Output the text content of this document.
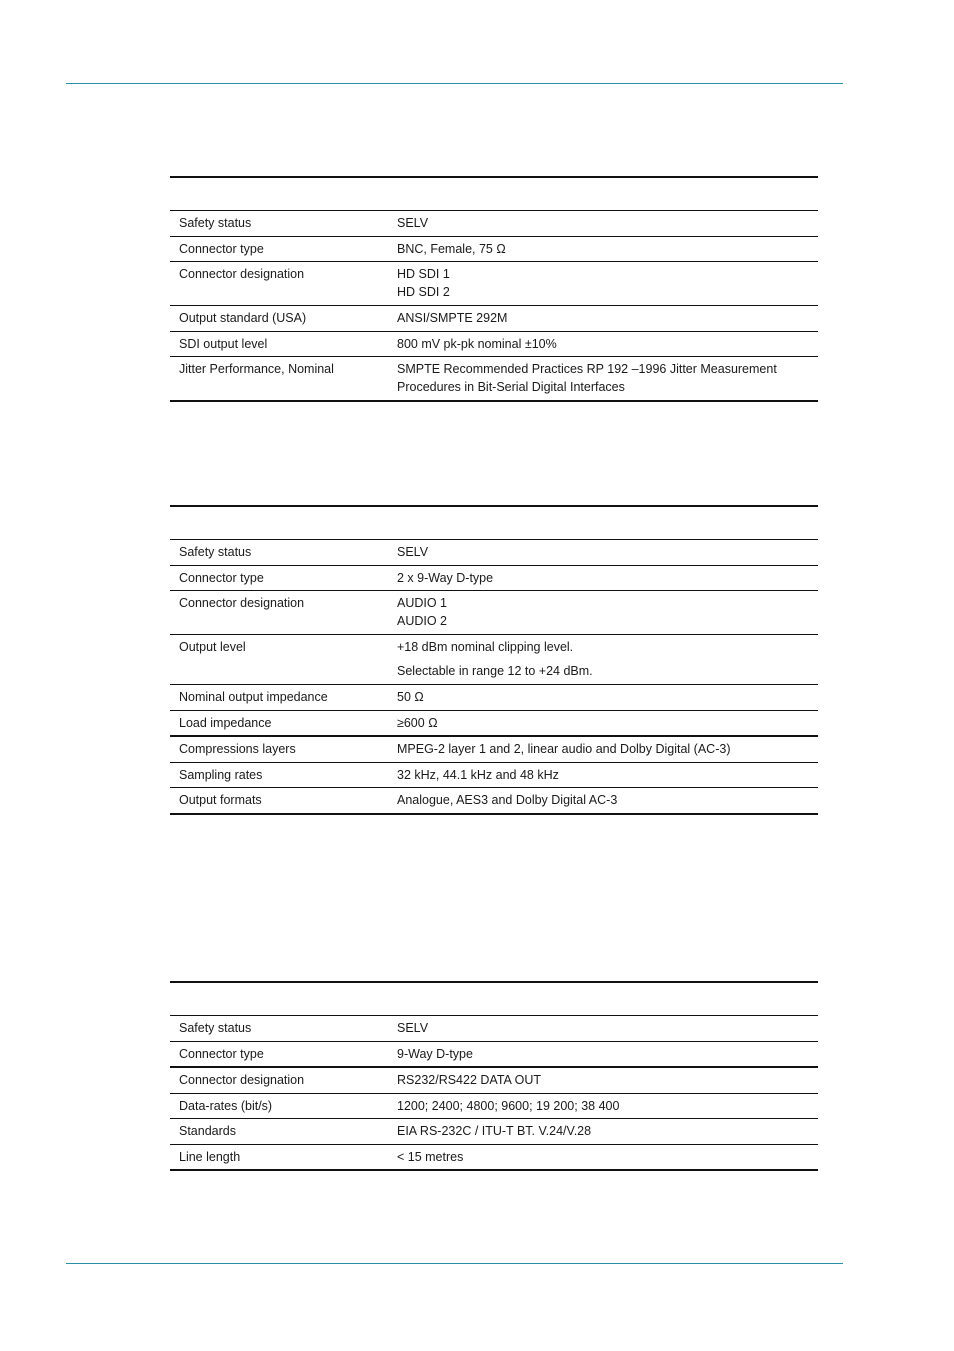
Safety status	SELV
Connector type	BNC, Female, 75 Ω
Connector designation	HD SDI 1
HD SDI 2
Output standard (USA)	ANSI/SMPTE 292M
SDI output level	800 mV pk-pk nominal ±10%
Jitter Performance, Nominal	SMPTE Recommended Practices RP 192 –1996 Jitter Measurement
Procedures in Bit-Serial Digital Interfaces
Safety status	SELV
Connector type	2 x 9-Way D-type
Connector designation	AUDIO 1
AUDIO 2
Output level	+18 dBm nominal clipping level.
Selectable in range 12 to +24 dBm.
Nominal output impedance	50 Ω
Load impedance	≥600 Ω
Compressions layers	MPEG-2 layer 1 and 2, linear audio and Dolby Digital (AC-3)
Sampling rates	32 kHz, 44.1 kHz and 48 kHz
Output formats	Analogue, AES3 and Dolby Digital AC-3
Safety status	SELV
Connector type	9-Way D-type
Connector designation	RS232/RS422 DATA OUT
Data-rates (bit/s)	1200; 2400; 4800; 9600; 19 200; 38 400
Standards	EIA RS-232C / ITU-T BT. V.24/V.28
Line length	< 15 metres
